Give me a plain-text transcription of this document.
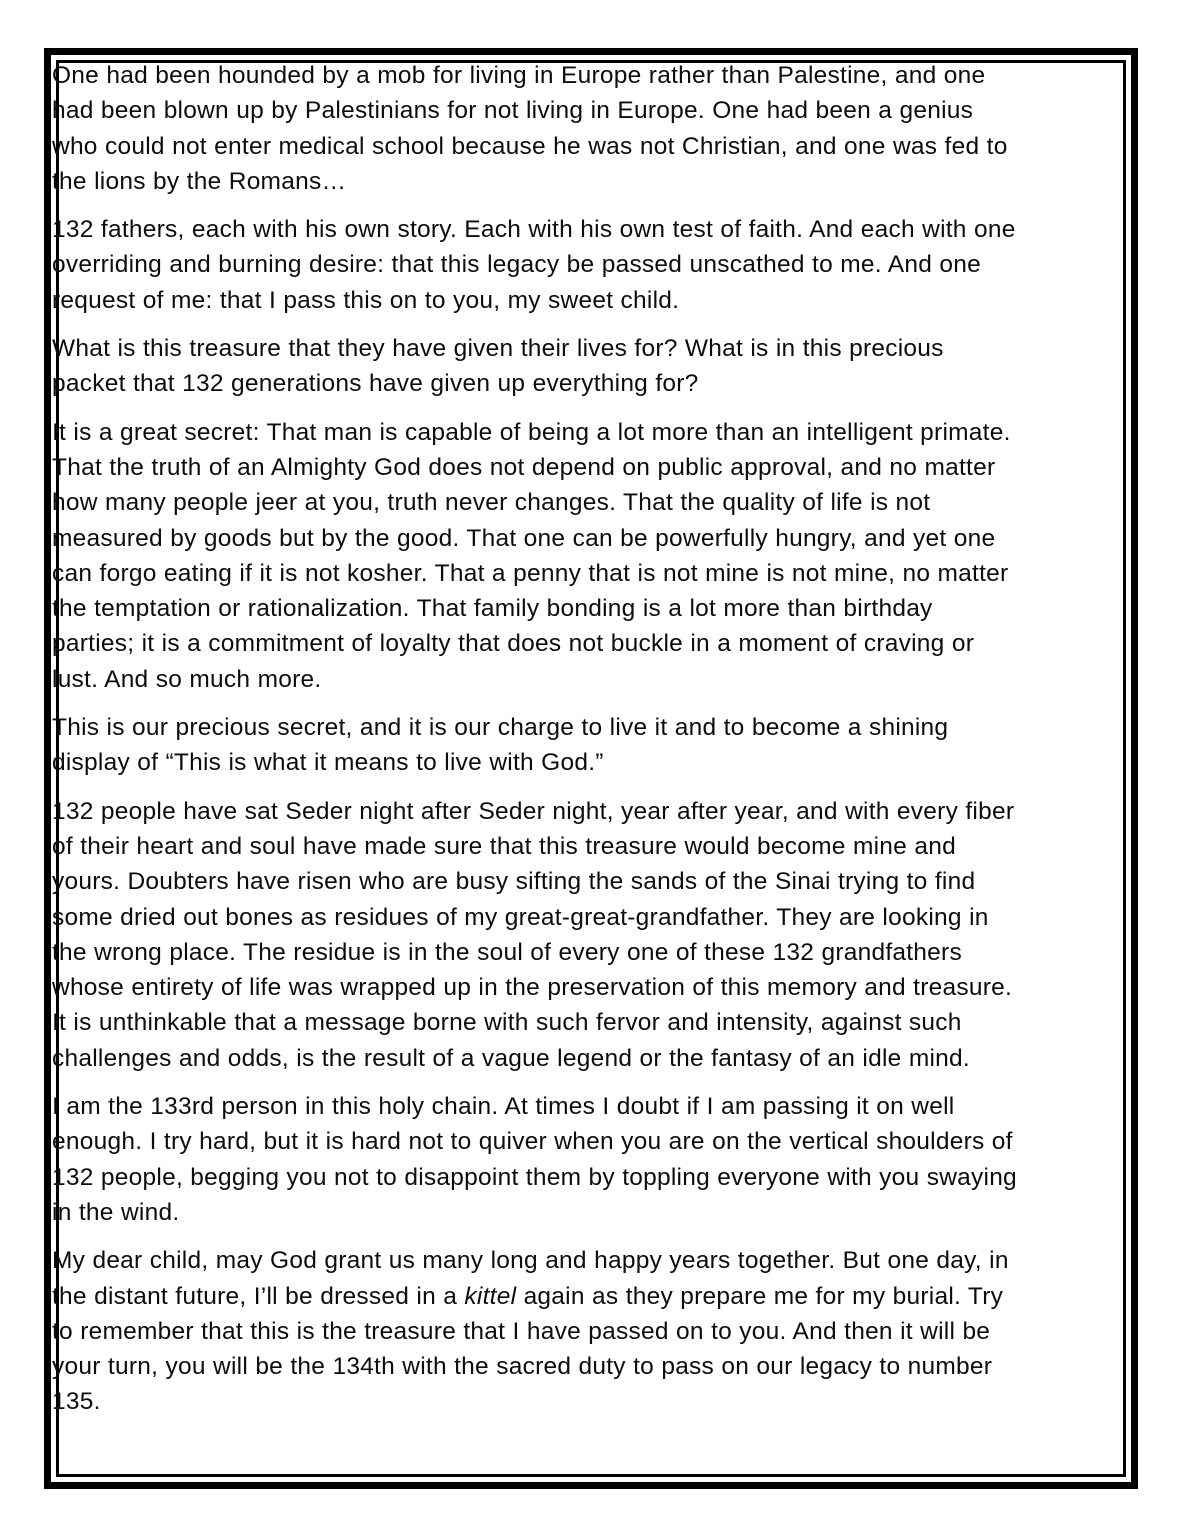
One had been hounded by a mob for living in Europe rather than Palestine, and one had been blown up by Palestinians for not living in Europe. One had been a genius who could not enter medical school because he was not Christian, and one was fed to the lions by the Romans…

132 fathers, each with his own story. Each with his own test of faith. And each with one overriding and burning desire: that this legacy be passed unscathed to me. And one request of me: that I pass this on to you, my sweet child.

What is this treasure that they have given their lives for? What is in this precious packet that 132 generations have given up everything for?

It is a great secret: That man is capable of being a lot more than an intelligent primate. That the truth of an Almighty God does not depend on public approval, and no matter how many people jeer at you, truth never changes. That the quality of life is not measured by goods but by the good. That one can be powerfully hungry, and yet one can forgo eating if it is not kosher. That a penny that is not mine is not mine, no matter the temptation or rationalization. That family bonding is a lot more than birthday parties; it is a commitment of loyalty that does not buckle in a moment of craving or lust. And so much more.

This is our precious secret, and it is our charge to live it and to become a shining display of “This is what it means to live with God.”

132 people have sat Seder night after Seder night, year after year, and with every fiber of their heart and soul have made sure that this treasure would become mine and yours. Doubters have risen who are busy sifting the sands of the Sinai trying to find some dried out bones as residues of my great-great-grandfather. They are looking in the wrong place. The residue is in the soul of every one of these 132 grandfathers whose entirety of life was wrapped up in the preservation of this memory and treasure. It is unthinkable that a message borne with such fervor and intensity, against such challenges and odds, is the result of a vague legend or the fantasy of an idle mind.

I am the 133rd person in this holy chain. At times I doubt if I am passing it on well enough. I try hard, but it is hard not to quiver when you are on the vertical shoulders of 132 people, begging you not to disappoint them by toppling everyone with you swaying in the wind.

My dear child, may God grant us many long and happy years together. But one day, in the distant future, I’ll be dressed in a kittel again as they prepare me for my burial. Try to remember that this is the treasure that I have passed on to you. And then it will be your turn, you will be the 134th with the sacred duty to pass on our legacy to number 135.
